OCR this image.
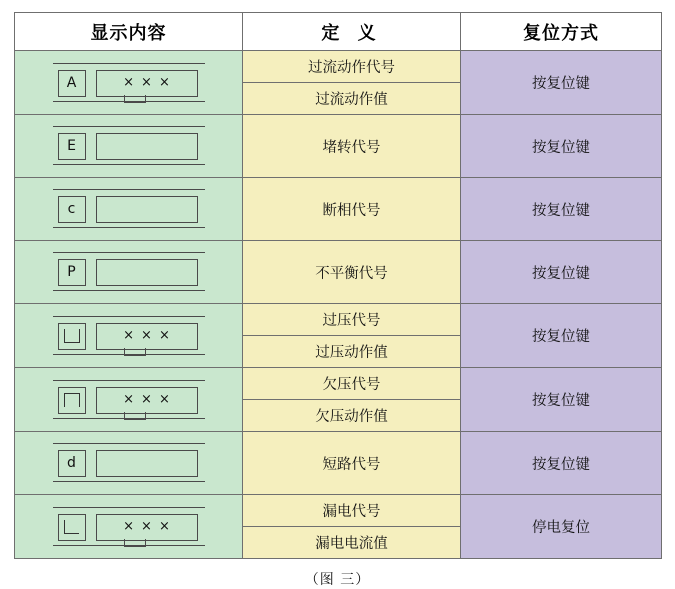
显示内容	定 义	复位方式

A ×××	过流动作代号	按复位键
	过流动作值	

E	堵转代号	按复位键

c	断相代号	按复位键

P	不平衡代号	按复位键

×××	过压代号	按复位键
	过压动作值	

×××	欠压代号	按复位键
	欠压动作值	

d	短路代号	按复位键

×××	漏电代号	停电复位
	漏电电流值	
（图 三）
